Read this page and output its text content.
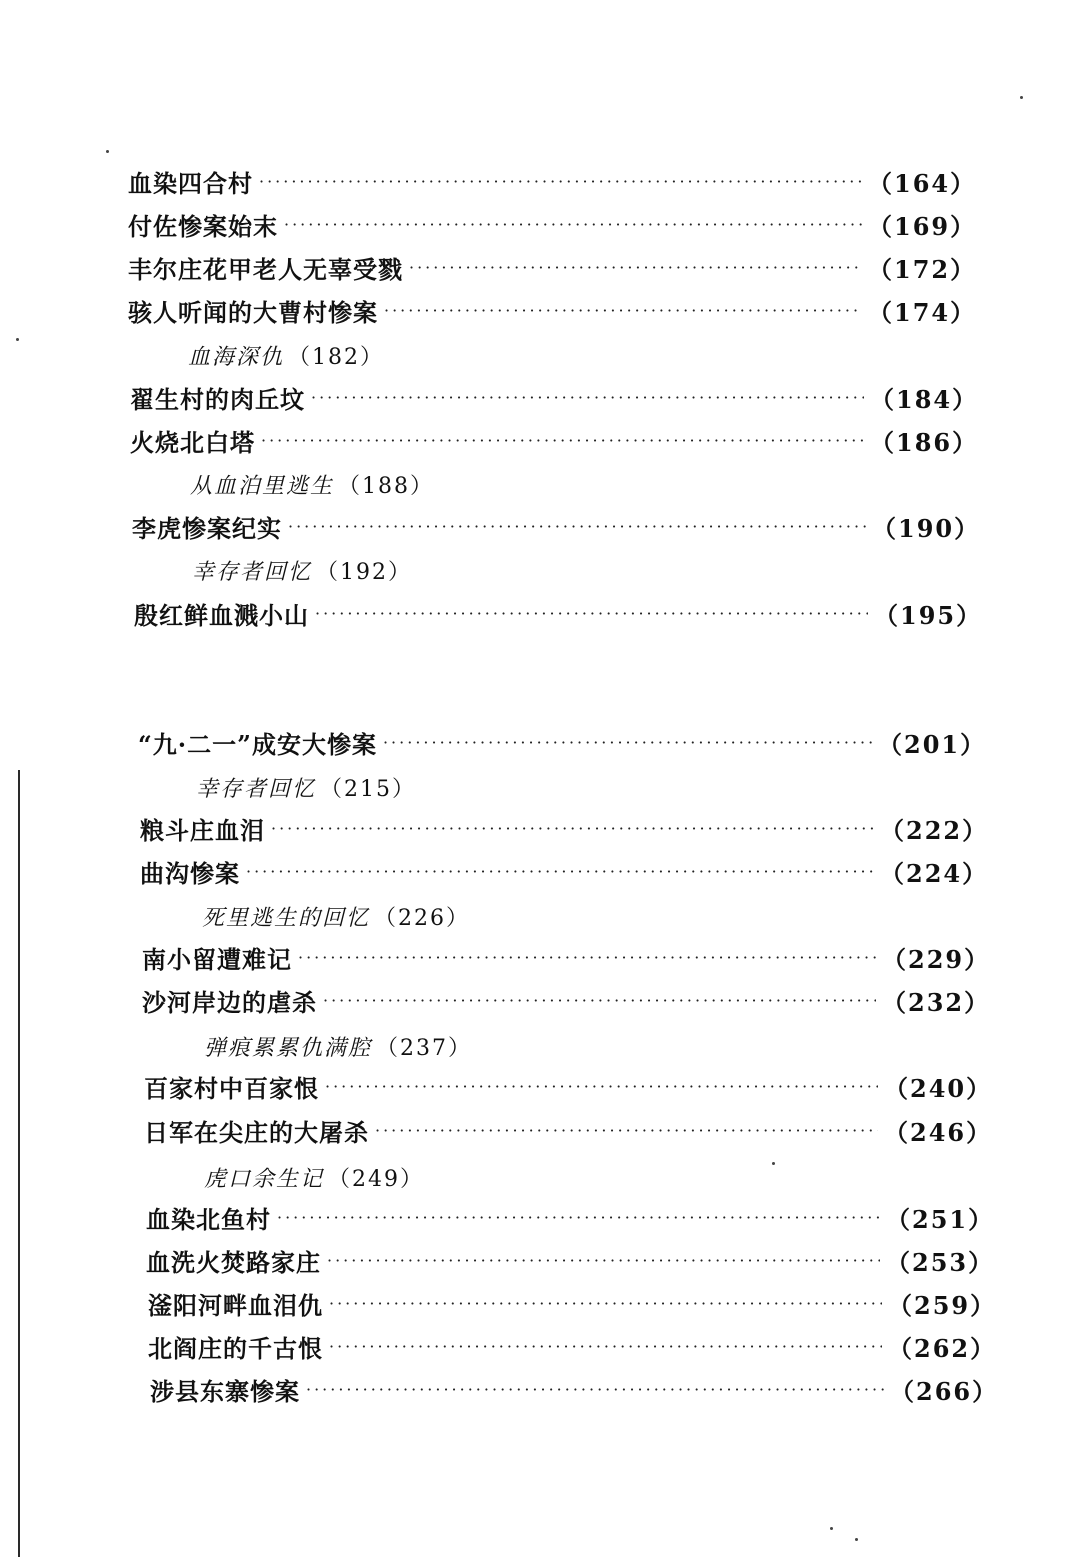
血染四合村 ·····	（164）
付佐惨案始末 ·····	（169）
丰尔庄花甲老人无辜受戮 ·····	（172）
骇人听闻的大曹村惨案 ·····	（174）
血海深仇 （182）
翟生村的肉丘坟 ·····	（184）
火烧北白塔 ·····	（186）
从血泊里逃生 （188）
李虎惨案纪实 ·····	（190）
幸存者回忆 （192）
殷红鲜血溅小山 ·····	（195）
“九·二一”成安大惨案 ·····	（201）
幸存者回忆 （215）
粮斗庄血泪 ·····	（222）
曲沟惨案 ·····	（224）
死里逃生的回忆 （226）
南小留遭难记 ·····	（229）
沙河岸边的虐杀 ·····	（232）
弹痕累累仇满腔 （237）
百家村中百家恨 ·····	（240）
日军在尖庄的大屠杀 ·····	（246）
虎口余生记 （249）
血染北鱼村 ·····	（251）
血洗火焚路家庄 ·····	（253）
滏阳河畔血泪仇 ·····	（259）
北阎庄的千古恨 ·····	（262）
涉县东寨惨案 ·····	（266）
